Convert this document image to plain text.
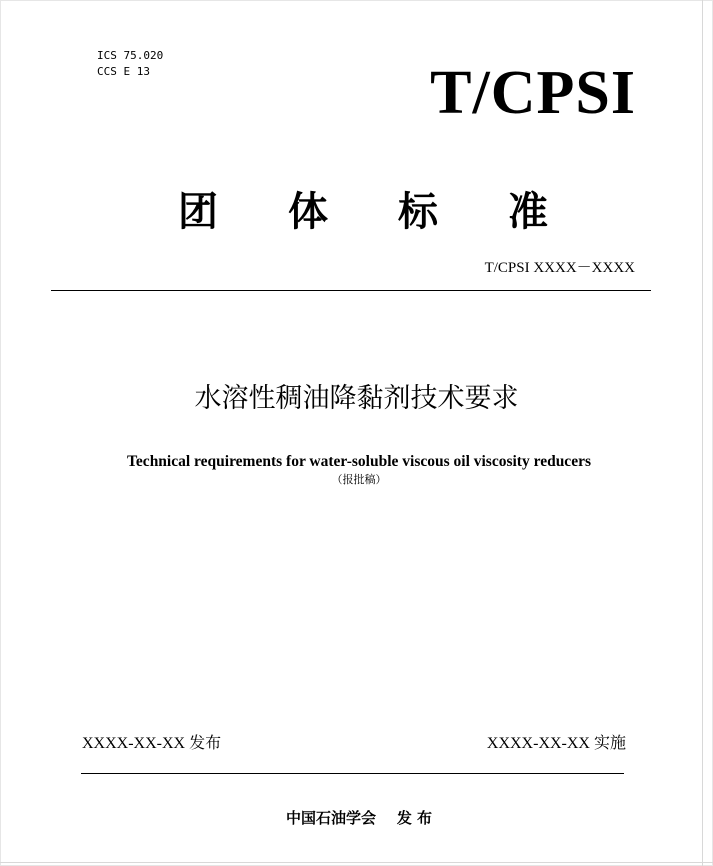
ICS 75.020
CCS E 13	T/CPSI
团 体 标 准
T/CPSI XXXX－XXXX
水溶性稠油降黏剂技术要求
Technical requirements for water-soluble viscous oil viscosity reducers
（报批稿）
XXXX-XX-XX 发布	XXXX-XX-XX 实施
中国石油学会    发 布
